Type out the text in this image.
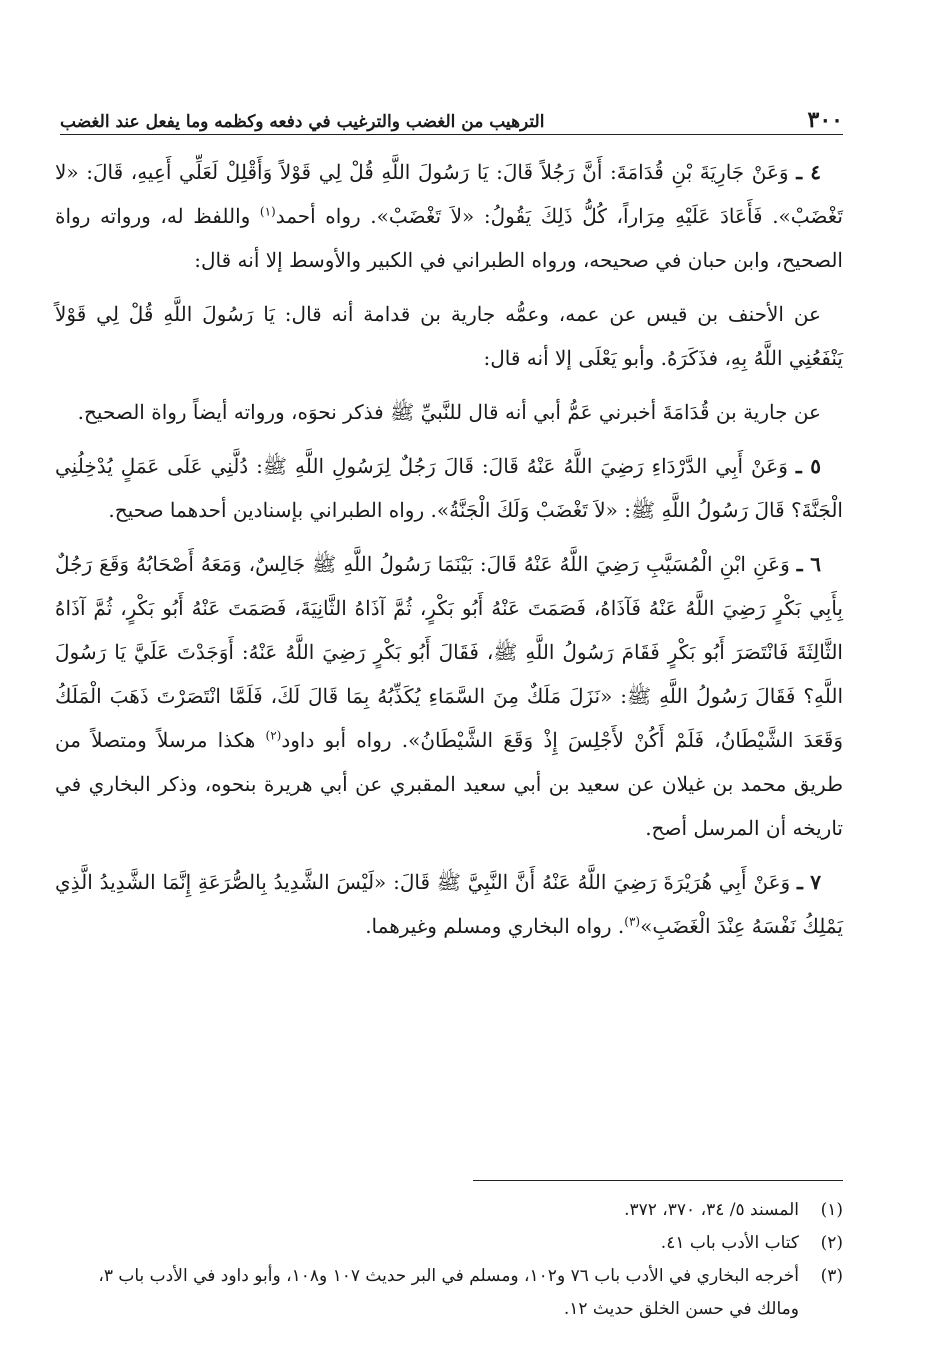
٣٠٠
الترهيب من الغضب والترغيب في دفعه وكظمه وما يفعل عند الغضب

٤ ـ وَعَنْ جَارِيَةَ بْنِ قُدَامَةَ: أَنَّ رَجُلاً قَالَ: يَا رَسُولَ اللَّهِ قُلْ لِي قَوْلاً وَأَقْلِلْ لَعَلِّي أَعِيهِ، قَالَ: «لا تَغْضَبْ». فَأَعَادَ عَلَيْهِ مِرَاراً، كُلُّ ذَلِكَ يَقُولُ: «لاَ تَغْضَبْ». رواه أحمد$^{(١)}$ واللفظ له، ورواته رواة الصحيح، وابن حبان في صحيحه، ورواه الطبراني في الكبير والأوسط إلا أنه قال:

عن الأحنف بن قيس عن عمه، وعمُّه جارية بن قدامة أنه قال: يَا رَسُولَ اللَّهِ قُلْ لِي قَوْلاً يَنْفَعُنِي اللَّهُ بِهِ، فذَكَرَهُ. وأبو يَعْلَى إلا أنه قال:

عن جارية بن قُدَامَةَ أخبرني عَمُّ أبي أنه قال للنَّبيِّ ﷺ فذكر نحوَه، ورواته أيضاً رواة الصحيح.

٥ ـ وَعَنْ أَبِي الدَّرْدَاءِ رَضِيَ اللَّهُ عَنْهُ قَالَ: قَالَ رَجُلٌ لِرَسُولِ اللَّهِ ﷺ: دُلَّنِي عَلَى عَمَلٍ يُدْخِلُنِي الْجَنَّةَ؟ قَالَ رَسُولُ اللَّهِ ﷺ: «لاَ تَغْضَبْ وَلَكَ الْجَنَّةُ». رواه الطبراني بإسنادين أحدهما صحيح.

٦ ـ وَعَنِ ابْنِ الْمُسَيَّبِ رَضِيَ اللَّهُ عَنْهُ قَالَ: بَيْنَمَا رَسُولُ اللَّهِ ﷺ جَالِسٌ، وَمَعَهُ أَصْحَابُهُ وَقَعَ رَجُلٌ بِأَبِي بَكْرٍ رَضِيَ اللَّهُ عَنْهُ فَآذَاهُ، فَصَمَتَ عَنْهُ أَبُو بَكْرٍ، ثُمَّ آذَاهُ الثَّانِيَةَ، فَصَمَتَ عَنْهُ أَبُو بَكْرٍ، ثُمَّ آذَاهُ الثَّالِثَةَ فَانْتَصَرَ أَبُو بَكْرٍ فَقَامَ رَسُولُ اللَّهِ ﷺ، فَقَالَ أَبُو بَكْرٍ رَضِيَ اللَّهُ عَنْهُ: أَوَجَدْتَ عَلَيَّ يَا رَسُولَ اللَّهِ؟ فَقَالَ رَسُولُ اللَّهِ ﷺ: «نَزَلَ مَلَكٌ مِنَ السَّمَاءِ يُكَذِّبُهُ بِمَا قَالَ لَكَ، فَلَمَّا انْتَصَرْتَ ذَهَبَ الْمَلَكُ وَقَعَدَ الشَّيْطَانُ، فَلَمْ أَكُنْ لأَجْلِسَ إِذْ وَقَعَ الشَّيْطَانُ». رواه أبو داود$^{(٢)}$ هكذا مرسلاً ومتصلاً من طريق محمد بن غيلان عن سعيد بن أبي سعيد المقبري عن أبي هريرة بنحوه، وذكر البخاري في تاريخه أن المرسل أصح.

٧ ـ وَعَنْ أَبِي هُرَيْرَةَ رَضِيَ اللَّهُ عَنْهُ أَنَّ النَّبِيَّ ﷺ قَالَ: «لَيْسَ الشَّدِيدُ بِالصُّرَعَةِ إِنَّمَا الشَّدِيدُ الَّذِي يَمْلِكُ نَفْسَهُ عِنْدَ الْغَضَبِ»$^{(٣)}$. رواه البخاري ومسلم وغيرهما.

(١)
المسند ٥/ ٣٤، ٣٧٠، ٣٧٢.
(٢)
كتاب الأدب باب ٤١.
(٣)
أخرجه البخاري في الأدب باب ٧٦ و١٠٢، ومسلم في البر حديث ١٠٧ و١٠٨، وأبو داود في الأدب باب ٣، ومالك في حسن الخلق حديث ١٢.
